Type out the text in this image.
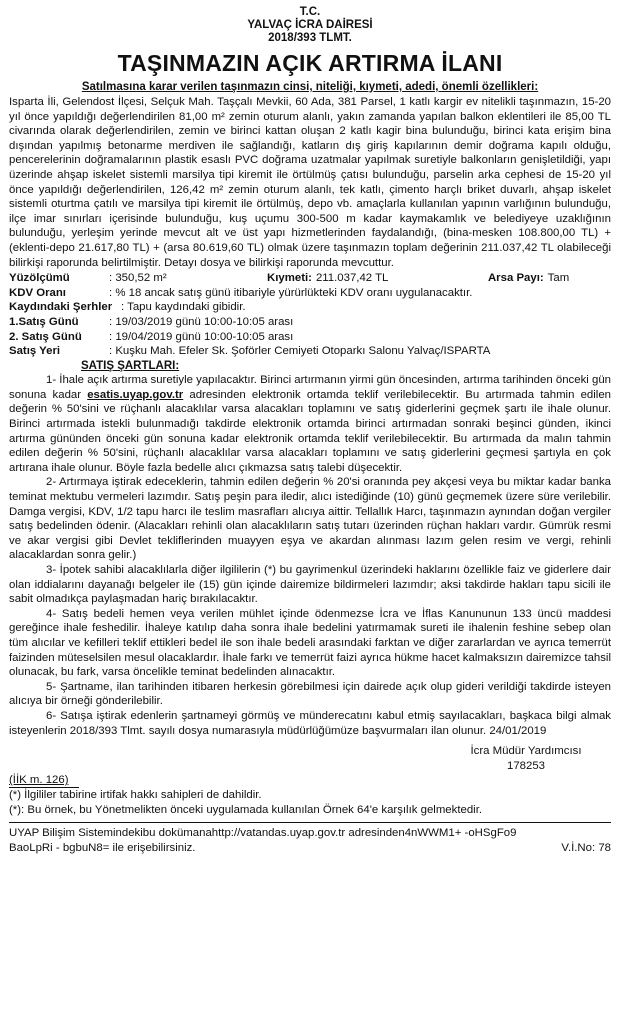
T.C.
YALVAÇ İCRA DAİRESİ
2018/393 TLMT.
TAŞINMAZIN AÇIK ARTIRMA İLANI
Satılmasına karar verilen taşınmazın cinsi, niteliği, kıymeti, adedi, önemli özellikleri:
Isparta İli, Gelendost İlçesi, Selçuk Mah. Taşçalı Mevkii, 60 Ada, 381 Parsel, 1 katlı kargir ev nitelikli taşınmazın, 15-20 yıl önce yapıldığı değerlendirilen 81,00 m² zemin oturum alanlı, yakın zamanda yapılan balkon eklentileri ile 85,00 TL civarında olarak değerlendirilen, zemin ve birinci kattan oluşan 2 katlı kagir bina bulunduğu, birinci kata erişim bina dışından yapılmış betonarme merdiven ile sağlandığı, katların dış giriş kapılarının demir doğrama kapılı olduğu, pencerelerinin doğramalarının plastik esaslı PVC doğrama uzatmalar yapılmak suretiyle balkonların genişletildiği, yapı üzerinde ahşap iskelet sistemli marsilya tipi kiremit ile örtülmüş çatısı bulunduğu, parselin arka cephesi de 15-20 yıl önce yapıldığı değerlendirilen, 126,42 m² zemin oturum alanlı, tek katlı, çimento harçlı briket duvarlı, ahşap iskelet sistemli oturtma çatılı ve marsilya tipi kiremit ile örtülmüş, depo vb. amaçlarla kullanılan yapının varlığının bulunduğu, ilçe imar sınırları içerisinde bulunduğu, kuş uçumu 300-500 m kadar kaymakamlık ve belediyeye uzaklığının bulunduğu, yerleşim yerinde mevcut alt ve üst yapı hizmetlerinden faydalandığı, (bina-mesken 108.800,00 TL) + (eklenti-depo 21.617,80 TL) + (arsa 80.619,60 TL) olmak üzere taşınmazın toplam değerinin 211.037,42 TL olabileceği bilirkişi raporunda belirtilmiştir. Detayı dosya ve bilirkişi raporunda mevcuttur.
Yüzölçümü	: 350,52 m²	Kıymeti: 211.037,42 TL	Arsa Payı: Tam
KDV Oranı	: % 18 ancak satış günü itibariyle yürürlükteki KDV oranı uygulanacaktır.
Kaydındaki Şerhler : Tapu kaydındaki gibidir.
1.Satış Günü	: 19/03/2019 günü 10:00-10:05 arası
2. Satış Günü	: 19/04/2019 günü 10:00-10:05 arası
Satış Yeri	: Kuşku Mah. Efeler Sk. Şoförler Cemiyeti Otoparkı Salonu Yalvaç/ISPARTA
SATIŞ ŞARTLARI:

1- İhale açık artırma suretiyle yapılacaktır. Birinci artırmanın yirmi gün öncesinden, artırma tarihinden önceki gün sonuna kadar esatis.uyap.gov.tr adresinden elektronik ortamda teklif verilebilecektir. Bu artırmada tahmin edilen değerin % 50'sini ve rüçhanlı alacaklılar varsa alacakları toplamını ve satış giderlerini geçmek şartı ile ihale olunur. Birinci artırmada istekli bulunmadığı takdirde elektronik ortamda birinci artırmadan sonraki beşinci günden, ikinci artırma gününden önceki gün sonuna kadar elektronik ortamda teklif verilebilecektir. Bu artırmada da malın tahmin edilen değerin % 50'sini, rüçhanlı alacaklılar varsa alacakları toplamını ve satış giderlerini geçmesi şartıyla en çok artırana ihale olunur. Böyle fazla bedelle alıcı çıkmazsa satış talebi düşecektir.

2- Artırmaya iştirak edeceklerin, tahmin edilen değerin % 20'si oranında pey akçesi veya bu miktar kadar banka teminat mektubu vermeleri lazımdır. Satış peşin para iledir, alıcı istediğinde (10) günü geçmemek üzere süre verilebilir. Damga vergisi, KDV, 1/2 tapu harcı ile teslim masrafları alıcıya aittir. Tellallık Harcı, taşınmazın aynından doğan vergiler satış bedelinden ödenir. (Alacakları rehinli olan alacaklıların satış tutarı üzerinden rüçhan hakları vardır. Gümrük resmi ve akar vergisi gibi Devlet tekliflerinden muayyen eşya ve akardan alınması lazım gelen resim ve vergi, rehinli alacaklardan sonra gelir.)

3- İpotek sahibi alacaklılarla diğer ilgililerin (*) bu gayrimenkul üzerindeki haklarını özellikle faiz ve giderlere dair olan iddialarını dayanağı belgeler ile (15) gün içinde dairemize bildirmeleri lazımdır; aksi takdirde hakları tapu sicili ile sabit olmadıkça paylaşmadan hariç bırakılacaktır.

4- Satış bedeli hemen veya verilen mühlet içinde ödenmezse İcra ve İflas Kanununun 133 üncü maddesi gereğince ihale feshedilir. İhaleye katılıp daha sonra ihale bedelini yatırmamak sureti ile ihalenin feshine sebep olan tüm alıcılar ve kefilleri teklif ettikleri bedel ile son ihale bedeli arasındaki farktan ve diğer zararlardan ve ayrıca temerrüt faizinden müteselsilen mesul olacaklardır. İhale farkı ve temerrüt faizi ayrıca hükme hacet kalmaksızın dairemizce tahsil olunacak, bu fark, varsa öncelikle teminat bedelinden alınacaktır.

5- Şartname, ilan tarihinden itibaren herkesin görebilmesi için dairede açık olup gideri verildiği takdirde isteyen alıcıya bir örneği gönderilebilir.

6- Satışa iştirak edenlerin şartnameyi görmüş ve münderecatını kabul etmiş sayılacakları, başkaca bilgi almak isteyenlerin 2018/393 Tlmt. sayılı dosya numarasıyla müdürlüğümüze başvurmaları ilan olunur. 24/01/2019

İcra Müdür Yardımcısı
178253
(İİK m. 126)
(*) İlgililer tabirine irtifak hakkı sahipleri de dahildir.
(*): Bu örnek, bu Yönetmelikten önceki uygulamada kullanılan Örnek 64'e karşılık gelmektedir.
UYAP Bilişim Sistemindekibu dokümanahttp://vatandas.uyap.gov.tr adresinden4nWWM1+ -oHSgFo9
BaoLpRi - bgbuN8= ile erişebilirsiniz.	V.İ.No: 78
